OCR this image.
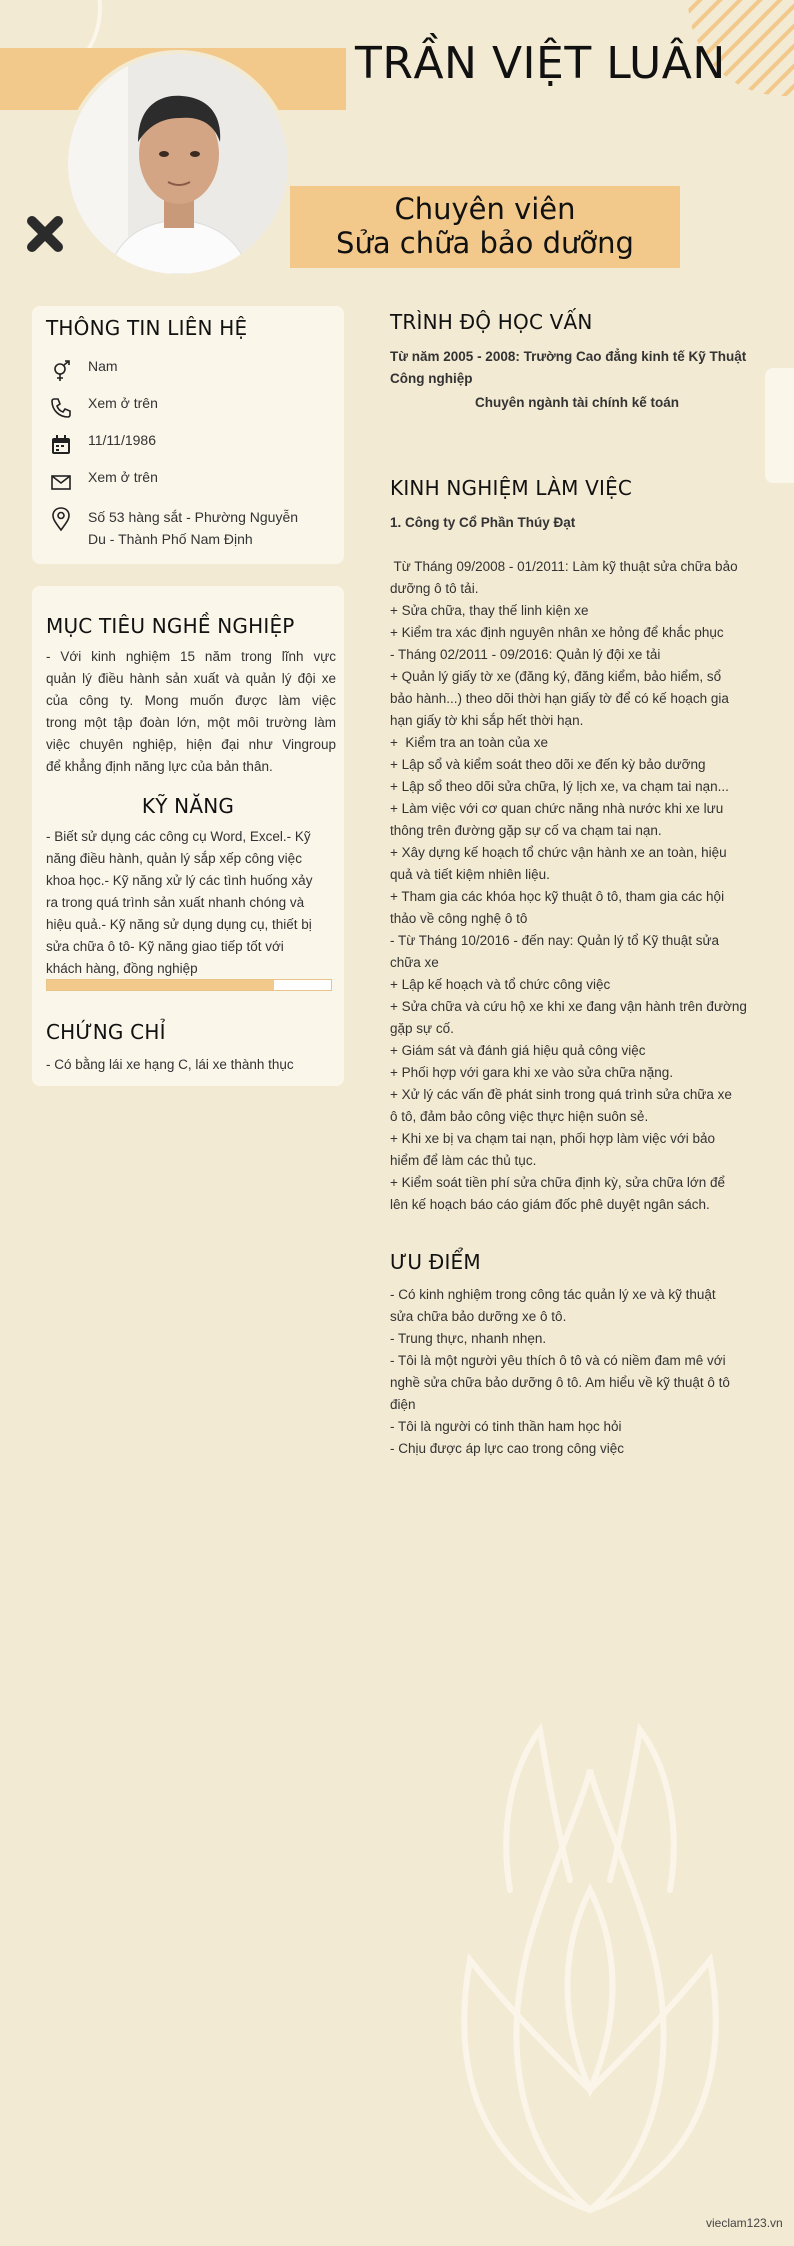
TRẦN VIỆT LUÂN
Chuyên viên
Sửa chữa bảo dưỡng
THÔNG TIN LIÊN HỆ
Nam
Xem ở trên
11/11/1986
Xem ở trên
Số 53 hàng sắt - Phường Nguyễn
Du - Thành Phố Nam Định
MỤC TIÊU NGHỀ NGHIỆP
- Với kinh nghiệm 15 năm trong lĩnh vực
quản lý điều hành sản xuất và quản lý đội xe
của công ty. Mong muốn được làm việc
trong một tập đoàn lớn, một môi trường làm
việc chuyên nghiệp, hiện đại như Vingroup
để khẳng định năng lực của bản thân.
KỸ NĂNG
- Biết sử dụng các công cụ Word, Excel.- Kỹ
năng điều hành, quản lý sắp xếp công việc
khoa học.- Kỹ năng xử lý các tình huống xảy
ra trong quá trình sản xuất nhanh chóng và
hiệu quả.- Kỹ năng sử dụng dụng cụ, thiết bị
sửa chữa ô tô- Kỹ năng giao tiếp tốt với
khách hàng, đồng nghiệp
CHỨNG CHỈ
- Có bằng lái xe hạng C, lái xe thành thục
TRÌNH ĐỘ HỌC VẤN
Từ năm 2005 - 2008: Trường Cao đẳng kinh tế Kỹ Thuật
Công nghiệp
Chuyên ngành tài chính kế toán
KINH NGHIỆM LÀM VIỆC
1. Công ty Cổ Phần Thúy Đạt
Từ Tháng 09/2008 - 01/2011: Làm kỹ thuật sửa chữa bảo
dưỡng ô tô tải.
+ Sửa chữa, thay thế linh kiện xe
+ Kiểm tra xác định nguyên nhân xe hỏng để khắc phục
- Tháng 02/2011 - 09/2016: Quản lý đội xe tải
+ Quản lý giấy tờ xe (đăng ký, đăng kiểm, bảo hiểm, sổ
bảo hành...) theo dõi thời hạn giấy tờ để có kế hoạch gia
hạn giấy tờ khi sắp hết thời hạn.
+  Kiểm tra an toàn của xe
+ Lập sổ và kiểm soát theo dõi xe đến kỳ bảo dưỡng
+ Lập sổ theo dõi sửa chữa, lý lịch xe, va chạm tai nạn...
+ Làm việc với cơ quan chức năng nhà nước khi xe lưu
thông trên đường gặp sự cố va chạm tai nạn.
+ Xây dựng kế hoạch tổ chức vận hành xe an toàn, hiệu
quả và tiết kiệm nhiên liệu.
+ Tham gia các khóa học kỹ thuật ô tô, tham gia các hội
thảo về công nghệ ô tô
- Từ Tháng 10/2016 - đến nay: Quản lý tổ Kỹ thuật sửa
chữa xe
+ Lập kế hoạch và tổ chức công việc
+ Sửa chữa và cứu hộ xe khi xe đang vận hành trên đường
gặp sự cố.
+ Giám sát và đánh giá hiệu quả công việc
+ Phối hợp với gara khi xe vào sửa chữa nặng.
+ Xử lý các vấn đề phát sinh trong quá trình sửa chữa xe
ô tô, đảm bảo công việc thực hiện suôn sẻ.
+ Khi xe bị va chạm tai nạn, phối hợp làm việc với bảo
hiểm để làm các thủ tục.
+ Kiểm soát tiền phí sửa chữa định kỳ, sửa chữa lớn để
lên kế hoạch báo cáo giám đốc phê duyệt ngân sách.
ƯU ĐIỂM
- Có kinh nghiệm trong công tác quản lý xe và kỹ thuật
sửa chữa bảo dưỡng xe ô tô.
- Trung thực, nhanh nhẹn.
- Tôi là một người yêu thích ô tô và có niềm đam mê với
nghề sửa chữa bảo dưỡng ô tô. Am hiểu về kỹ thuật ô tô
điện
- Tôi là người có tinh thần ham học hỏi
- Chịu được áp lực cao trong công việc
vieclam123.vn
